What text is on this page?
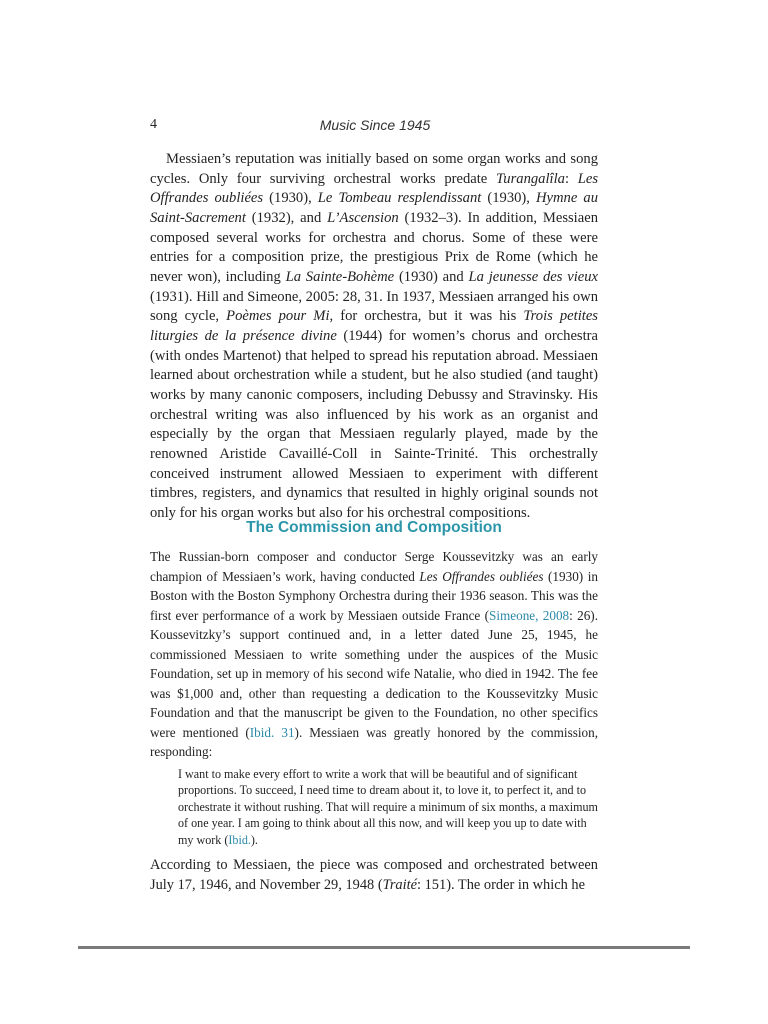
4	Music Since 1945

Messiaen’s reputation was initially based on some organ works and song cycles. Only four surviving orchestral works predate Turangalîla: Les Offrandes oubliées (1930), Le Tombeau resplendissant (1930), Hymne au Saint-Sacrement (1932), and L’Ascension (1932–3). In addition, Messiaen composed several works for orchestra and chorus. Some of these were entries for a composition prize, the prestigious Prix de Rome (which he never won), including La Sainte-Bohème (1930) and La jeunesse des vieux (1931). Hill and Simeone, 2005: 28, 31. In 1937, Messiaen arranged his own song cycle, Poèmes pour Mi, for orchestra, but it was his Trois petites liturgies de la présence divine (1944) for women’s chorus and orchestra (with ondes Martenot) that helped to spread his reputation abroad. Messiaen learned about orchestration while a student, but he also studied (and taught) works by many canonic composers, including Debussy and Stravinsky. His orchestral writing was also influenced by his work as an organist and especially by the organ that Messiaen regularly played, made by the renowned Aristide Cavaillé-Coll in Sainte-Trinité. This orchestrally conceived instrument allowed Messiaen to experiment with different timbres, registers, and dynamics that resulted in highly original sounds not only for his organ works but also for his orchestral compositions.

The Commission and Composition

The Russian-born composer and conductor Serge Koussevitzky was an early champion of Messiaen’s work, having conducted Les Offrandes oubliées (1930) in Boston with the Boston Symphony Orchestra during their 1936 season. This was the first ever performance of a work by Messiaen outside France (Simeone, 2008: 26). Koussevitzky’s support continued and, in a letter dated June 25, 1945, he commissioned Messiaen to write something under the auspices of the Music Foundation, set up in memory of his second wife Natalie, who died in 1942. The fee was $1,000 and, other than requesting a dedication to the Koussevitzky Music Foundation and that the manuscript be given to the Foundation, no other specifics were mentioned (Ibid. 31). Messiaen was greatly honored by the commission, responding:

I want to make every effort to write a work that will be beautiful and of significant proportions. To succeed, I need time to dream about it, to love it, to perfect it, and to orchestrate it without rushing. That will require a minimum of six months, a maximum of one year. I am going to think about all this now, and will keep you up to date with my work (Ibid.).

According to Messiaen, the piece was composed and orchestrated between July 17, 1946, and November 29, 1948 (Traité: 151). The order in which he
